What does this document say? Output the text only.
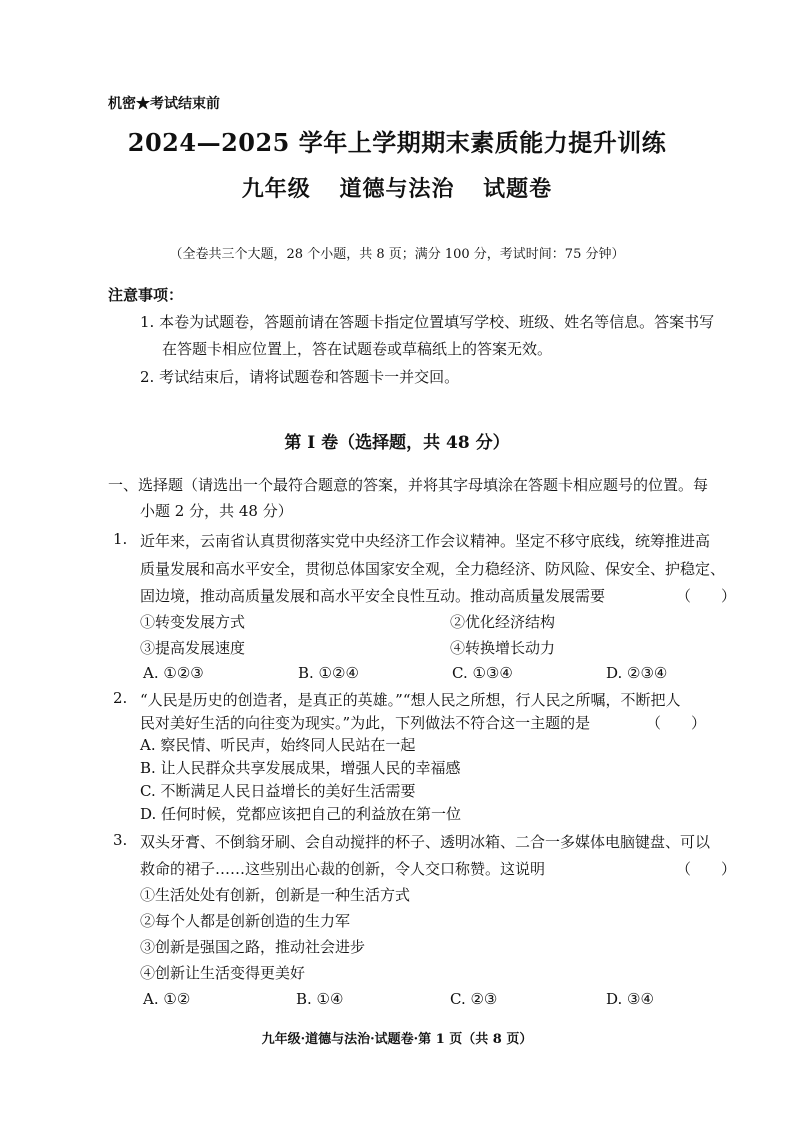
机密★考试结束前
2024—2025 学年上学期期末素质能力提升训练
九年级 道德与法治 试题卷
（全卷共三个大题，28 个小题，共 8 页；满分 100 分，考试时间：75 分钟）
注意事项：
1. 本卷为试题卷，答题前请在答题卡指定位置填写学校、班级、姓名等信息。答案书写
在答题卡相应位置上，答在试题卷或草稿纸上的答案无效。
2. 考试结束后，请将试题卷和答题卡一并交回。
第 I 卷（选择题，共 48 分）
一、选择题（请选出一个最符合题意的答案，并将其字母填涂在答题卡相应题号的位置。每
小题 2 分，共 48 分）
1. 近年来，云南省认真贯彻落实党中央经济工作会议精神。坚定不移守底线，统筹推进高
质量发展和高水平安全，贯彻总体国家安全观，全力稳经济、防风险、保安全、护稳定、
固边境，推动高质量发展和高水平安全良性互动。推动高质量发展需要	（　　）
①转变发展方式	②优化经济结构
③提高发展速度	④转换增长动力
A. ①②③	B. ①②④	C. ①③④	D. ②③④
2. “人民是历史的创造者，是真正的英雄。”“想人民之所想，行人民之所嘱，不断把人
民对美好生活的向往变为现实。”为此，下列做法不符合这一主题的是	（　　）
A. 察民情、听民声，始终同人民站在一起
B. 让人民群众共享发展成果，增强人民的幸福感
C. 不断满足人民日益增长的美好生活需要
D. 任何时候，党都应该把自己的利益放在第一位
3. 双头牙膏、不倒翁牙刷、会自动搅拌的杯子、透明冰箱、二合一多媒体电脑键盘、可以
救命的裙子……这些别出心裁的创新，令人交口称赞。这说明	（　　）
①生活处处有创新，创新是一种生活方式
②每个人都是创新创造的生力军
③创新是强国之路，推动社会进步
④创新让生活变得更美好
A. ①②	B. ①④	C. ②③	D. ③④
九年级·道德与法治·试题卷·第 1 页（共 8 页）
